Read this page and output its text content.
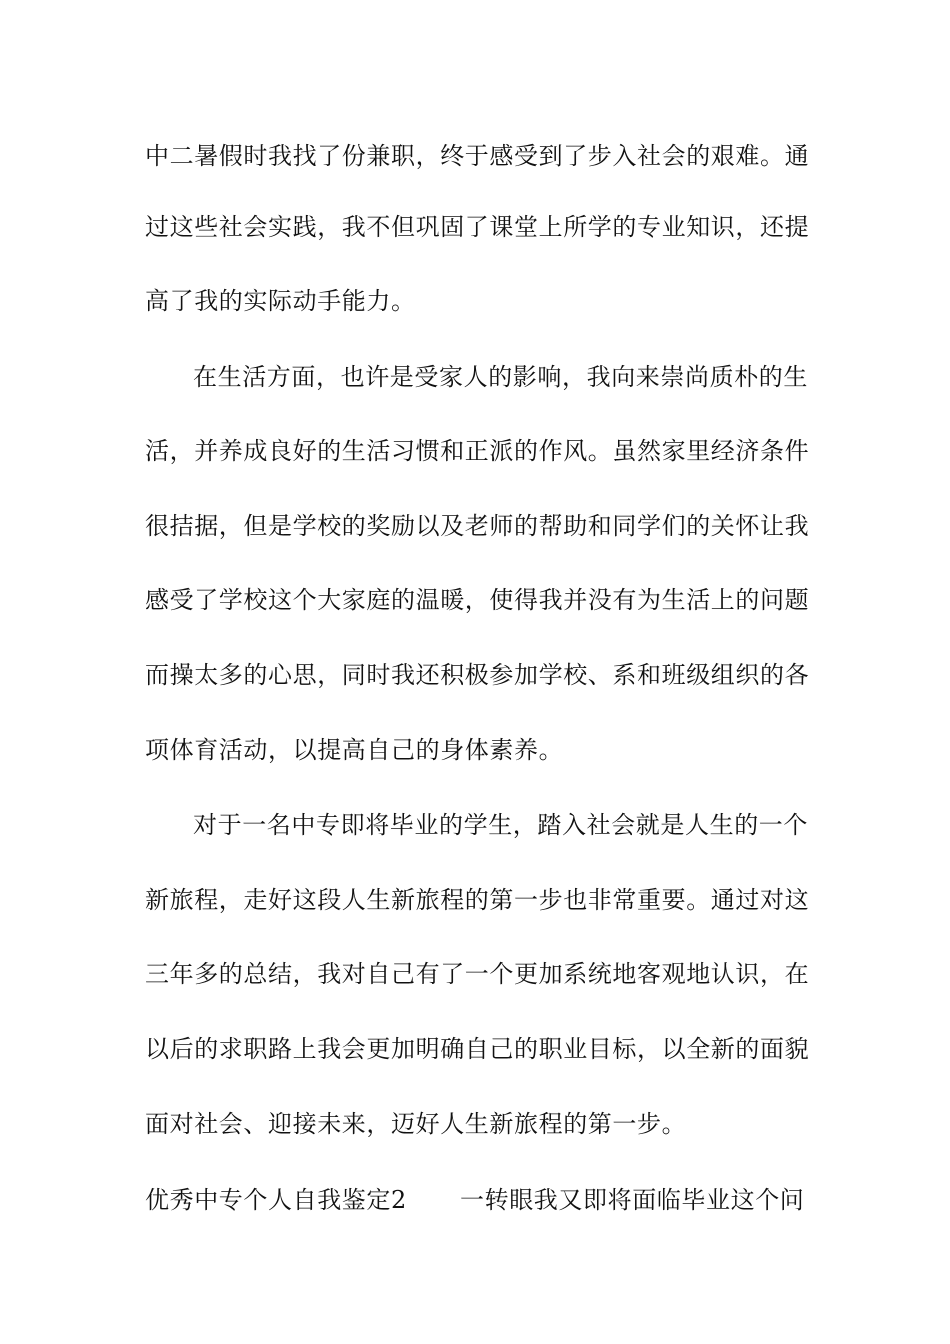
中二暑假时我找了份兼职，终于感受到了步入社会的艰难。通
过这些社会实践，我不但巩固了课堂上所学的专业知识，还提
高了我的实际动手能力。
在生活方面，也许是受家人的影响，我向来崇尚质朴的生
活，并养成良好的生活习惯和正派的作风。虽然家里经济条件
很拮据，但是学校的奖励以及老师的帮助和同学们的关怀让我
感受了学校这个大家庭的温暖，使得我并没有为生活上的问题
而操太多的心思，同时我还积极参加学校、系和班级组织的各
项体育活动，以提高自己的身体素养。
对于一名中专即将毕业的学生，踏入社会就是人生的一个
新旅程，走好这段人生新旅程的第一步也非常重要。通过对这
三年多的总结，我对自己有了一个更加系统地客观地认识，在
以后的求职路上我会更加明确自己的职业目标，以全新的面貌
面对社会、迎接未来，迈好人生新旅程的第一步。
优秀中专个人自我鉴定2 一转眼我又即将面临毕业这个问
